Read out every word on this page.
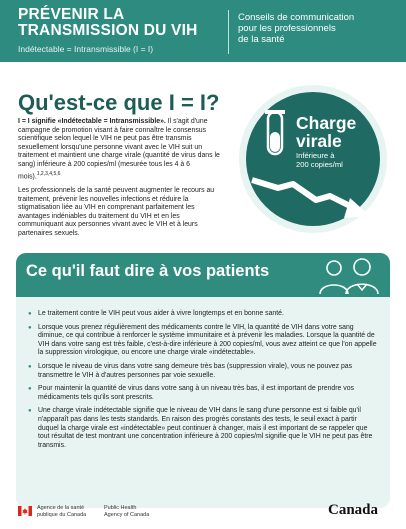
PRÉVENIR LA
TRANSMISSION DU VIH
Indétectable = Intransmissible (I = I)
Conseils de communication
pour les professionnels
de la santé
Qu'est-ce que I = I?

I = I signifie «Indétectable = Intransmissible». Il s'agit d'une campagne de promotion visant à faire connaître le consensus scientifique selon lequel le VIH ne peut pas être transmis sexuellement lorsqu'une personne vivant avec le VIH suit un traitement et maintient une charge virale (quantité de virus dans le sang) inférieure à 200 copies/ml (mesurée tous les 4 à 6 mois).$^{1,2,3,4,5,6}$

Les professionnels de la santé peuvent augmenter le recours au traitement, prévenir les nouvelles infections et réduire la stigmatisation liée au VIH en comprenant parfaitement les avantages indéniables du traitement du VIH et en les communiquant aux personnes vivant avec le VIH et à leurs partenaires sexuels.

Charge
virale
Inférieure à
200 copies/ml
Ce qu'il faut dire à vos patients
● Le traitement contre le VIH peut vous aider à vivre longtemps et en bonne santé.
● Lorsque vous prenez régulièrement des médicaments contre le VIH, la quantité de VIH dans votre sang diminue, ce qui contribue à renforcer le système immunitaire et à prévenir les maladies. Lorsque la quantité de VIH dans votre sang est très faible, c'est-à-dire inférieure à 200 copies/ml, vous avez atteint ce que l'on appelle la suppression virologique, ou encore une charge virale «indétectable».
● Lorsque le niveau de virus dans votre sang demeure très bas (suppression virale), vous ne pouvez pas transmettre le VIH à d'autres personnes par voie sexuelle.
● Pour maintenir la quantité de virus dans votre sang à un niveau très bas, il est important de prendre vos médicaments tels qu'ils sont prescrits.
● Une charge virale indétectable signifie que le niveau de VIH dans le sang d'une personne est si faible qu'il n'apparaît pas dans les tests standards. En raison des progrès constants des tests, le seuil exact à partir duquel la charge virale est «indétectable» peut continuer à changer, mais il est important de se rappeler que tout résultat de test montrant une concentration inférieure à 200 copies/ml signifie que le VIH ne peut pas être transmis.
Agence de la santé
publique du Canada
Public Health
Agency of Canada	Canada
